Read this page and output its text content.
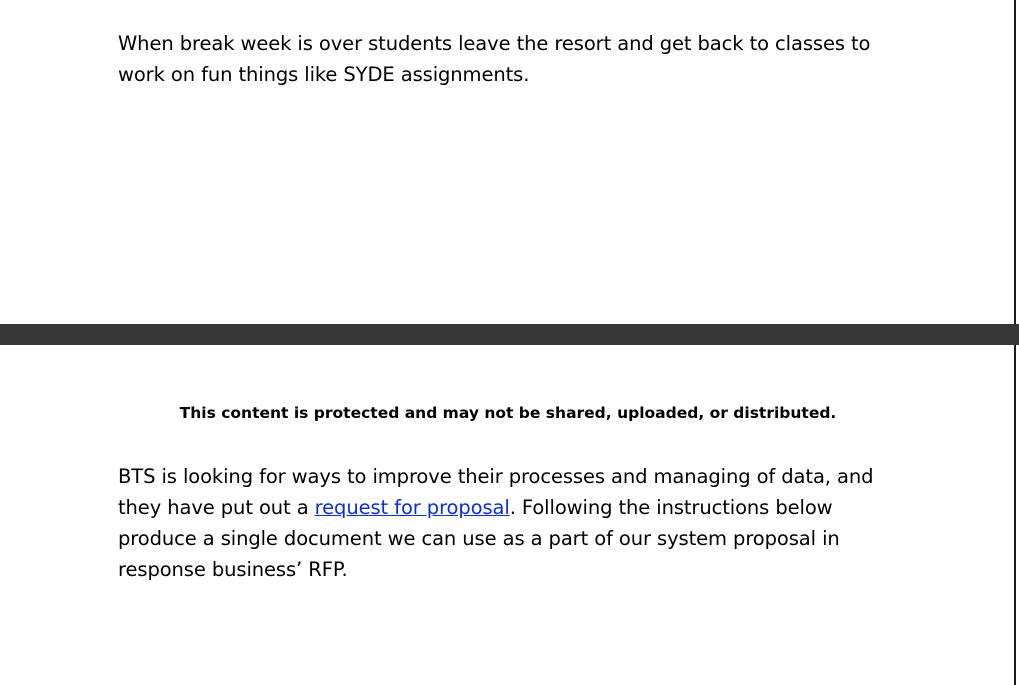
When break week is over students leave the resort and get back to classes to work on fun things like SYDE assignments.

This content is protected and may not be shared, uploaded, or distributed.

BTS is looking for ways to improve their processes and managing of data, and they have put out a request for proposal. Following the instructions below produce a single document we can use as a part of our system proposal in response business’ RFP.
